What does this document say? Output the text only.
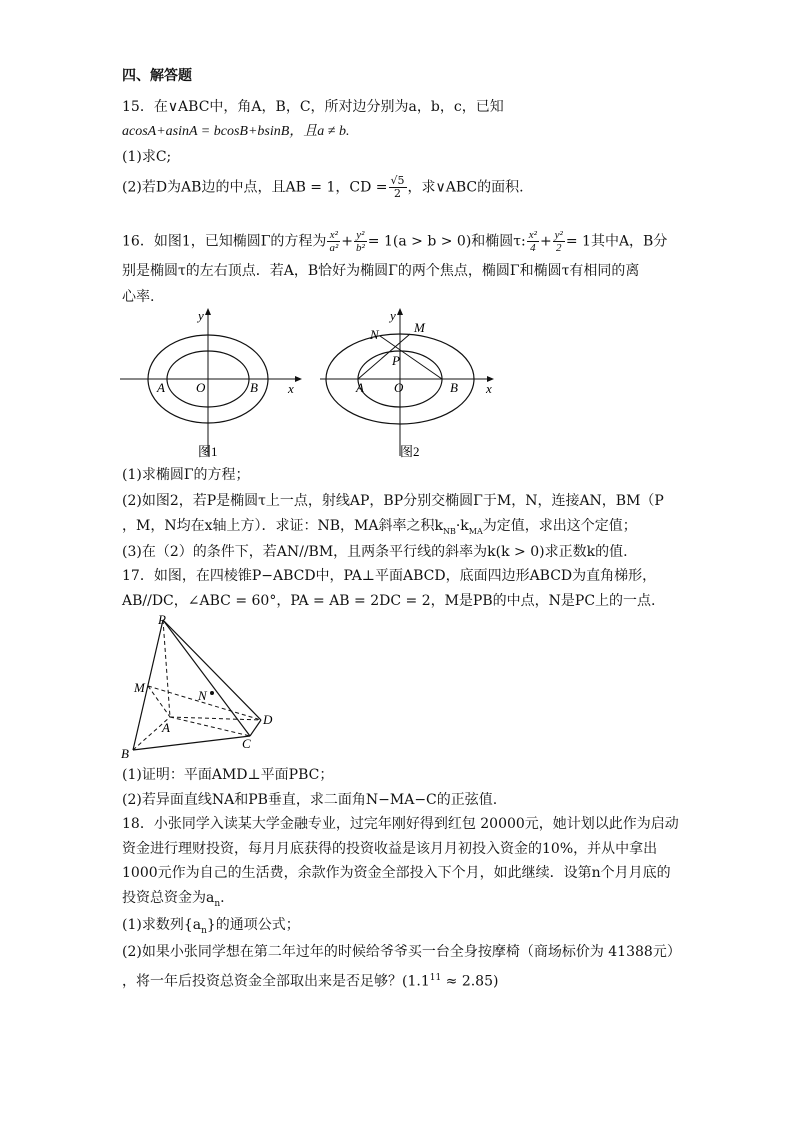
四、解答题
15．在∨ABC中，角A，B，C，所对边分别为a，b，c，已知
acosA+asinA = bcosB+bsinB，且a ≠ b.
(1)求C;
(2)若D为AB边的中点，且AB = 1，CD = $\frac{√5}{2}$ ，求∨ABC的面积.
16．如图1，已知椭圆Γ的方程为 $\frac{\text{x²}}{\text{a²}} + \frac{\text{y²}}{\text{b²}} = 1(a > b > 0)$和椭圆τ: $\frac{\text{x²}}{4} + \frac{\text{y²}}{2} = 1$其中A，B分
别是椭圆τ的左右顶点．若A，B恰好为椭圆Γ的两个焦点，椭圆Γ和椭圆τ有相同的离
心率.
y
x
A O	B
图1
N	M
P
y
x
A O	B
图2
(1)求椭圆Γ的方程；
(2)如图2，若P是椭圆τ上一点，射线AP，BP分别交椭圆Γ于M，N，连接AN，BM（P
，M，N均在x轴上方）．求证：NB，MA斜率之积$k_{NB}\cdot k_{MA}$为定值，求出这个定值；
(3)在（2）的条件下，若AN//BM，且两条平行线的斜率为k(k > 0)求正数k的值.
17．如图，在四棱锥P−ABCD中，PA⊥平面ABCD，底面四边形ABCD为直角梯形，
AB//DC，∠ABC = 60°，PA = AB = 2DC = 2，M是PB的中点，N是PC上的一点.
P
M
N
A
D
C
B
(1)证明：平面AMD⊥平面PBC；
(2)若异面直线NA和PB垂直，求二面角N−MA−C的正弦值.
18．小张同学入读某大学金融专业，过完年刚好得到红包 20000元，她计划以此作为启动
资金进行理财投资，每月月底获得的投资收益是该月月初投入资金的10%，并从中拿出
1000元作为自己的生活费，余款作为资金全部投入下个月，如此继续．设第n个月月底的
投资总资金为$a_n$.
(1)求数列$\{a_n\}$的通项公式；
(2)如果小张同学想在第二年过年的时候给爷爷买一台全身按摩椅（商场标价为 41388元）
，将一年后投资总资金全部取出来是否足够？$(1.1^{11} \approx 2.85)$
